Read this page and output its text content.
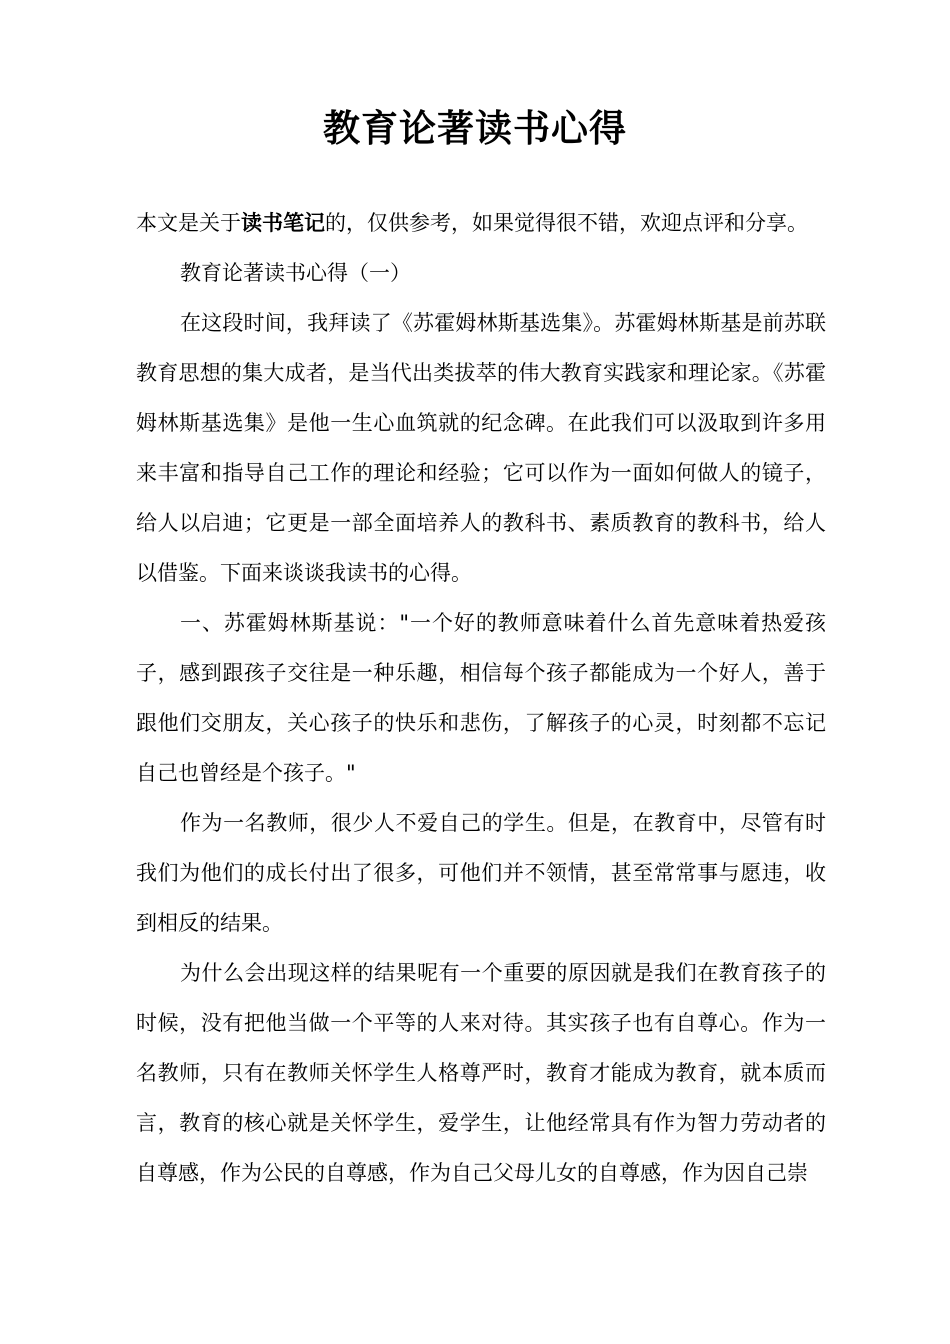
教育论著读书心得

本文是关于读书笔记的，仅供参考，如果觉得很不错，欢迎点评和分享。

教育论著读书心得（一）

在这段时间，我拜读了《苏霍姆林斯基选集》。苏霍姆林斯基是前苏联教育思想的集大成者，是当代出类拔萃的伟大教育实践家和理论家。《苏霍姆林斯基选集》是他一生心血筑就的纪念碑。在此我们可以汲取到许多用来丰富和指导自己工作的理论和经验；它可以作为一面如何做人的镜子，给人以启迪；它更是一部全面培养人的教科书、素质教育的教科书，给人以借鉴。下面来谈谈我读书的心得。

一、苏霍姆林斯基说："一个好的教师意味着什么首先意味着热爱孩子，感到跟孩子交往是一种乐趣，相信每个孩子都能成为一个好人，善于跟他们交朋友，关心孩子的快乐和悲伤，了解孩子的心灵，时刻都不忘记自己也曾经是个孩子。"

作为一名教师，很少人不爱自己的学生。但是，在教育中，尽管有时我们为他们的成长付出了很多，可他们并不领情，甚至常常事与愿违，收到相反的结果。

为什么会出现这样的结果呢有一个重要的原因就是我们在教育孩子的时候，没有把他当做一个平等的人来对待。其实孩子也有自尊心。作为一名教师，只有在教师关怀学生人格尊严时，教育才能成为教育，就本质而言，教育的核心就是关怀学生，爱学生，让他经常具有作为智力劳动者的自尊感，作为公民的自尊感，作为自己父母儿女的自尊感，作为因自己崇
